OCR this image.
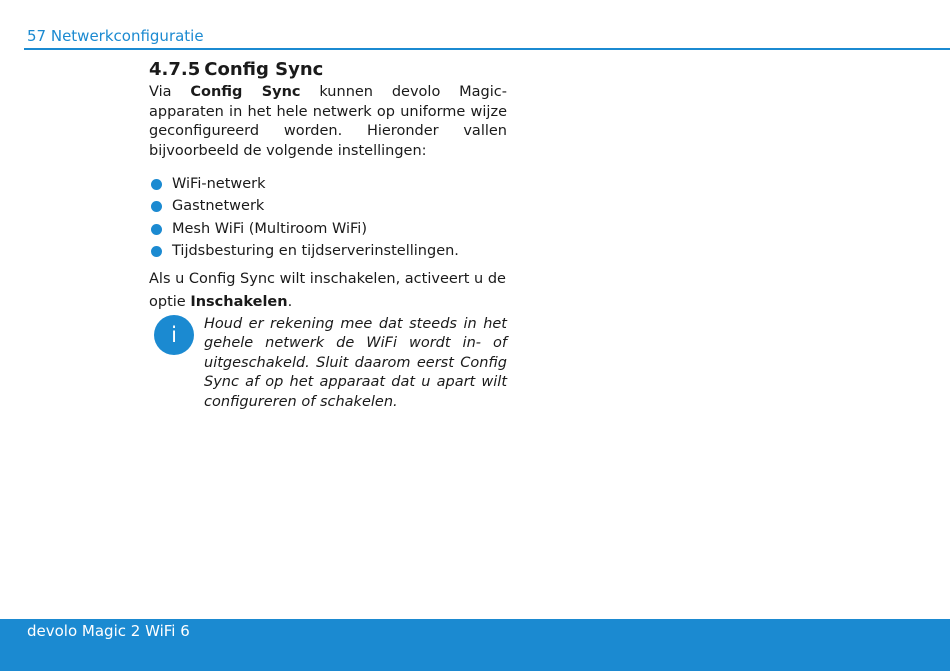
57 Netwerkconfiguratie
4.7.5 Config Sync

Via Config Sync kunnen devolo Magic-apparaten in het hele netwerk op uniforme wijze geconfigureerd worden. Hieronder vallen bijvoorbeeld de volgende instellingen:

WiFi-netwerk
Gastnetwerk
Mesh WiFi (Multiroom WiFi)
Tijdsbesturing en tijdserverinstellingen.

Als u Config Sync wilt inschakelen, activeert u de optie Inschakelen.

i	Houd er rekening mee dat steeds in het gehele netwerk de WiFi wordt in- of uitgeschakeld. Sluit daarom eerst Config Sync af op het apparaat dat u apart wilt configureren of schakelen.

devolo Magic 2 WiFi 6
